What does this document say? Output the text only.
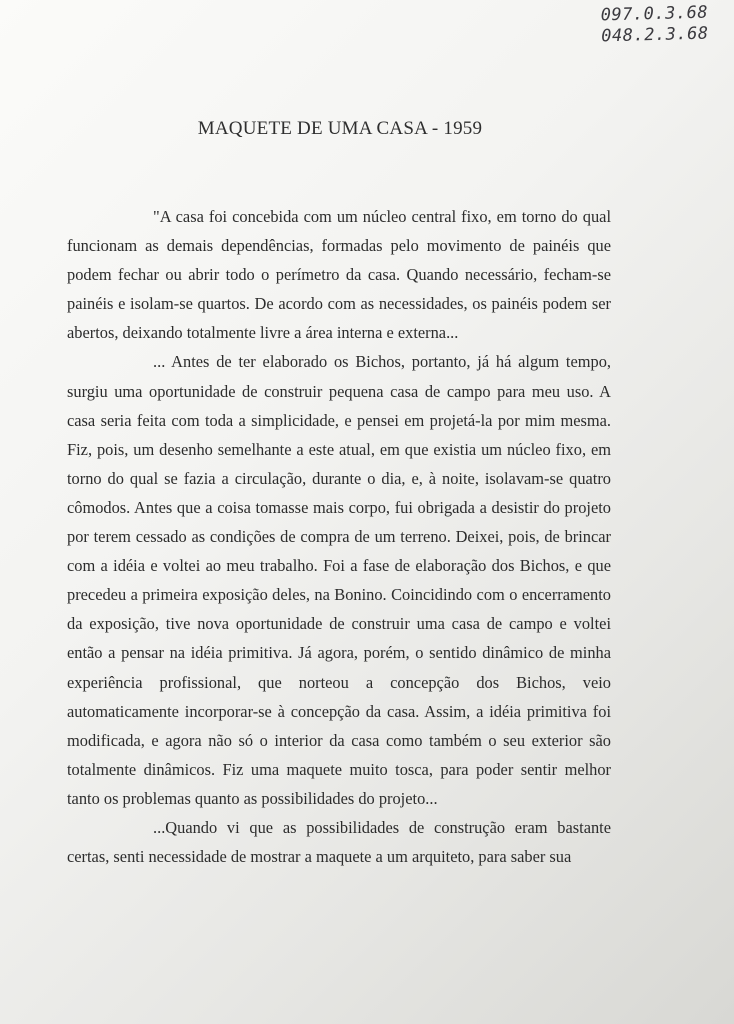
097.0.3.68
048.2.3.68
MAQUETE DE UMA CASA - 1959

"A casa foi concebida com um núcleo central fixo, em torno do qual funcionam as demais dependências, formadas pelo movimento de painéis que podem fechar ou abrir todo o perímetro da casa. Quando necessário, fecham-se painéis e isolam-se quartos. De acordo com as necessidades, os painéis podem ser abertos, deixando totalmente livre a área interna e externa...

... Antes de ter elaborado os Bichos, portanto, já há algum tempo, surgiu uma oportunidade de construir pequena casa de campo para meu uso. A casa seria feita com toda a simplicidade, e pensei em projetá-la por mim mesma. Fiz, pois, um desenho semelhante a este atual, em que existia um núcleo fixo, em torno do qual se fazia a circulação, durante o dia, e, à noite, isolavam-se quatro cômodos. Antes que a coisa tomasse mais corpo, fui obrigada a desistir do projeto por terem cessado as condições de compra de um terreno. Deixei, pois, de brincar com a idéia e voltei ao meu trabalho. Foi a fase de elaboração dos Bichos, e que precedeu a primeira exposição deles, na Bonino. Coincidindo com o encerramento da exposição, tive nova oportunidade de construir uma casa de campo e voltei então a pensar na idéia primitiva. Já agora, porém, o sentido dinâmico de minha experiência profissional, que norteou a concepção dos Bichos, veio automaticamente incorporar-se à concepção da casa. Assim, a idéia primitiva foi modificada, e agora não só o interior da casa como também o seu exterior são totalmente dinâmicos. Fiz uma maquete muito tosca, para poder sentir melhor tanto os problemas quanto as possibilidades do projeto...

...Quando vi que as possibilidades de construção eram bastante certas, senti necessidade de mostrar a maquete a um arquiteto, para saber sua
